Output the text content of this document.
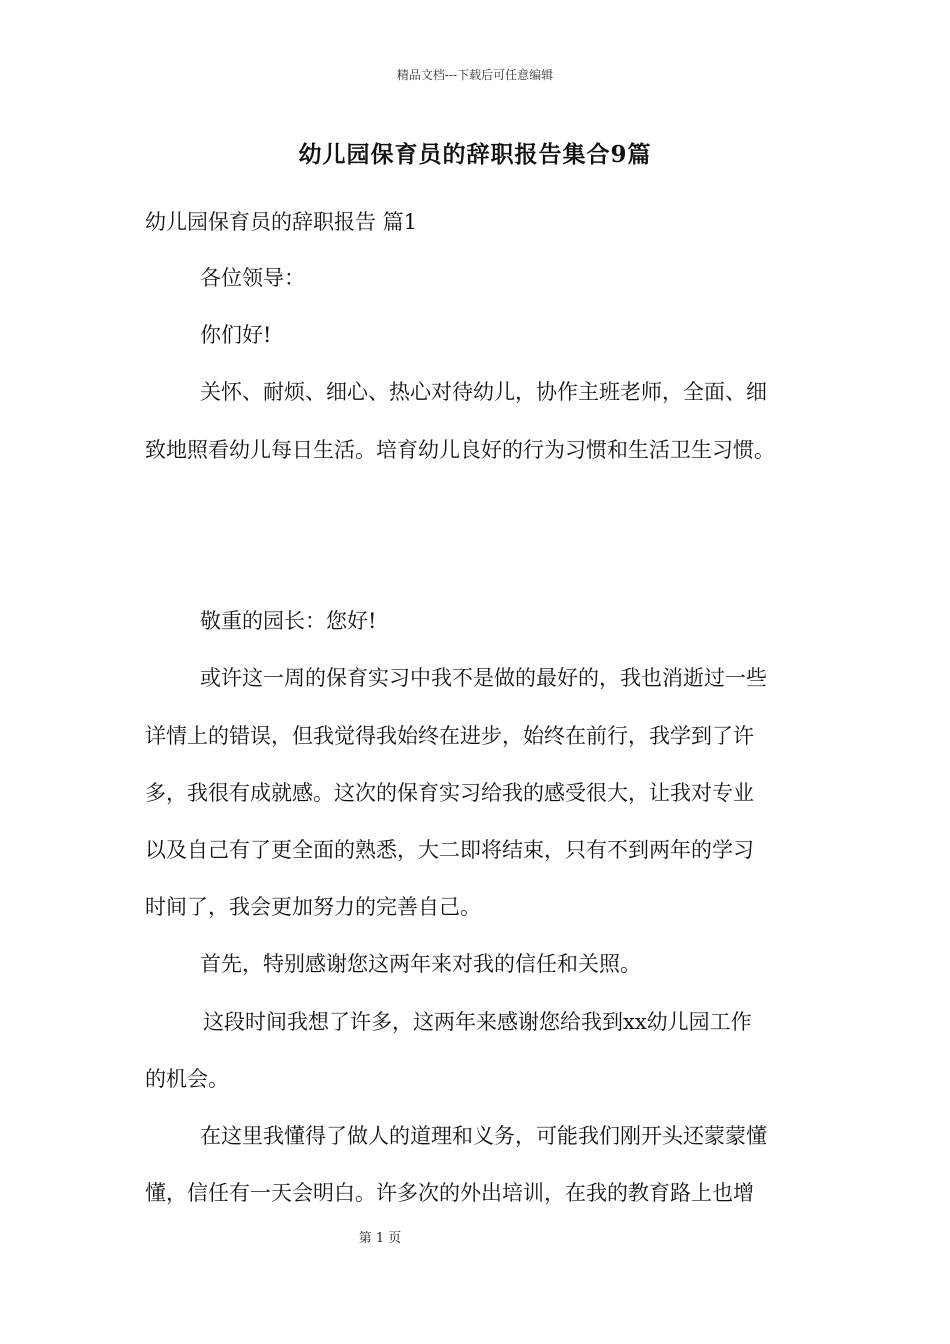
精品文档---下载后可任意编辑
幼儿园保育员的辞职报告集合9篇
幼儿园保育员的辞职报告 篇1
各位领导：
你们好!
关怀、耐烦、细心、热心对待幼儿，协作主班老师，全面、细
致地照看幼儿每日生活。培育幼儿良好的行为习惯和生活卫生习惯。
敬重的园长：您好!
或许这一周的保育实习中我不是做的最好的，我也消逝过一些
详情上的错误，但我觉得我始终在进步，始终在前行，我学到了许
多，我很有成就感。这次的保育实习给我的感受很大，让我对专业
以及自己有了更全面的熟悉，大二即将结束，只有不到两年的学习
时间了，我会更加努力的完善自己。
首先，特别感谢您这两年来对我的信任和关照。
这段时间我想了许多，这两年来感谢您给我到xx幼儿园工作
的机会。
在这里我懂得了做人的道理和义务，可能我们刚开头还蒙蒙懂
懂，信任有一天会明白。许多次的外出培训，在我的教育路上也增
第 1 页
